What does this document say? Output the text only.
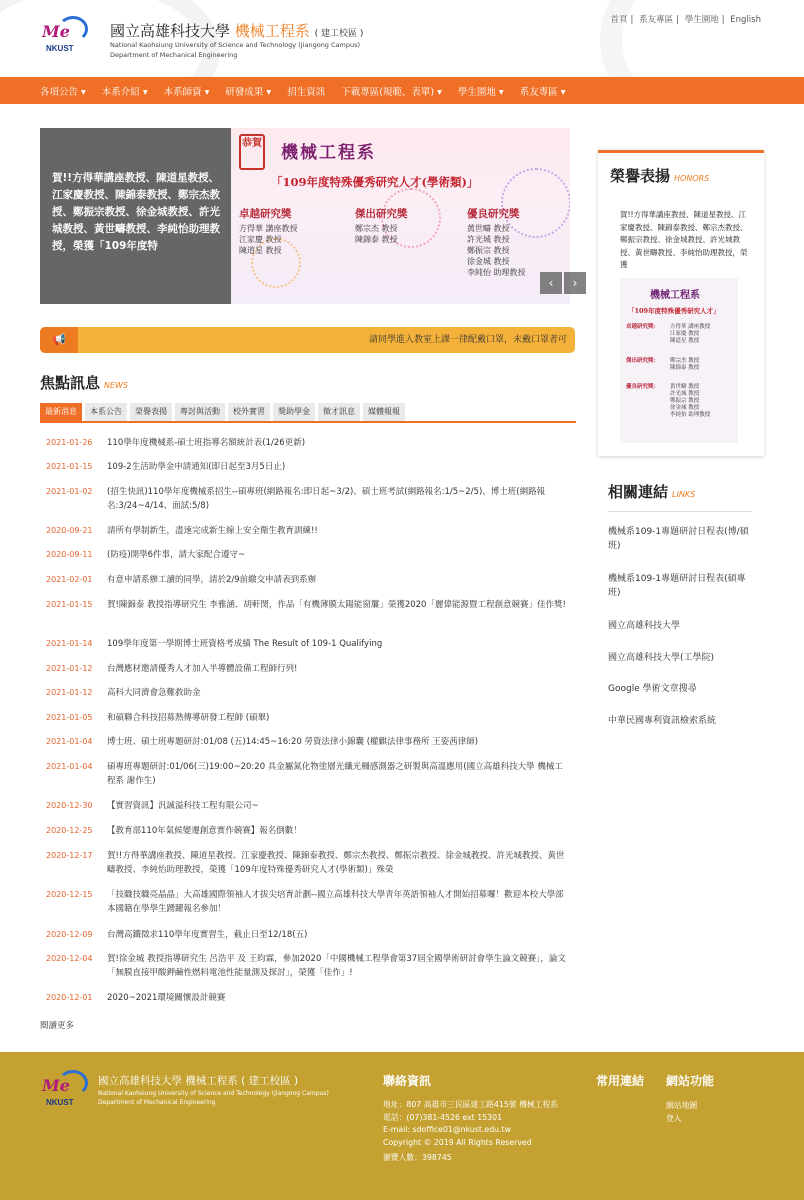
Me
NKUST
國立高雄科技大學 機械工程系 ( 建工校區 )
National Kaohsiung University of Science and Technology (Jiangong Campus)
Department of Mechanical Engineering
首頁 | 系友專區 | 學生園地 | English
各項公告 ▾ 本系介紹 ▾ 本系師資 ▾ 研發成果 ▾ 招生資訊 下載專區(規範、表單) ▾ 學生園地 ▾ 系友專區 ▾
賀!!方得華講座教授、陳道星教授、江家慶教授、陳錦泰教授、鄭宗杰教授、鄭振宗教授、徐金城教授、許光城教授、黃世疇教授、李純怡助理教授，榮獲「109年度特
恭賀 機械工程系
「109年度特殊優秀研究人才(學術類)」
卓越研究獎
方得華 講座教授
江家慶 教授
陳道星 教授
傑出研究獎
鄭宗杰 教授
陳錦泰 教授
優良研究獎
黃世疇 教授
許光城 教授
鄭振宗 教授
徐金城 教授
李純怡 助理教授
‹	›
📢	請同學進入教室上課一律配戴口罩，未戴口罩者可
焦點訊息 NEWS
最新消息	本系公告	榮譽表揚	專討與活動	校外實習	獎助學金	徵才訊息	媒體報報
2021-01-26	110學年度機械系-碩士班指導名額統計表(1/26更新)
2021-01-15	109-2生活助學金申請通知(即日起至3月5日止)
2021-01-02	(招生快訊)110學年度機械系招生--碩專班(網路報名:即日起~3/2)、碩士班考試(網路報名:1/5~2/5)、博士班(網路報名:3/24~4/14、面試:5/8)
2020-09-21	請所有學制新生，盡速完成新生線上安全衛生教育訓練!!
2020-09-11	(防疫)開學6件事，請大家配合遵守~
2021-02-01	有意申請系辦工讀的同學，請於2/9前繳交申請表到系辦
2021-01-15	賀!陳錦泰 教授指導研究生 李雅涵、胡軒閔，作品「有機薄膜太陽能窗簾」榮獲2020「麗偉能源暨工程創意競賽」佳作獎!
2021-01-14	109學年度第一學期博士班資格考成績 The Result of 109-1 Qualifying
2021-01-12	台灣應材邀請優秀人才加入半導體設備工程師行列!
2021-01-12	高科大同濟會急難救助金
2021-01-05	和碩聯合科技招募熱傳導研發工程師 (碩畢)
2021-01-04	博士班、碩士班專題研討:01/08 (五)14:45~16:20 勞資法律小錦囊 (權麒法律事務所 王姿茜律師)
2021-01-04	碩專班專題研討:01/06(三)19:00~20:20 具金屬氮化物塗層光纖光柵感測器之研製與高溫應用(國立高雄科技大學 機械工程系 謝作生)
2020-12-30	【實習資訊】汎誠溢科技工程有限公司~
2020-12-25	【教育部110年氣候變遷創意實作競賽】報名倒數！
2020-12-17	賀!!方得華講座教授、陳道星教授、江家慶教授、陳錦泰教授、鄭宗杰教授、鄭振宗教授、徐金城教授、許光城教授、黃世疇教授、李純怡助理教授，榮獲「109年度特殊優秀研究人才(學術類)」殊榮
2020-12-15	「技職技職亮晶晶」大高雄國際領袖人才拔尖培育計劃--國立高雄科技大學青年英語領袖人才開始招募囉！歡迎本校大學部本國籍在學學生踴躍報名參加！
2020-12-09	台灣高鐵徵求110學年度實習生，截止日至12/18(五)
2020-12-04	賀!徐金城 教授指導研究生 呂浩平 及 王昀霖，參加2020「中國機械工程學會第37屆全國學術研討會學生論文競賽」，論文「無膜直接甲酸鉀鹼性燃料電池性能量測及探討」，榮獲「佳作」!
2020-12-01	2020~2021環境關懷設計競賽
閱讀更多
榮譽表揚 HONORS
賀!!方得華講座教授、陳道星教授、江家慶教授、陳錦泰教授、鄭宗杰教授、鄭振宗教授、徐金城教授、許光城教授、黃世疇教授、李純怡助理教授，榮獲
機械工程系
「109年度特殊優秀研究人才」
卓越研究獎： 方得華 講座教授
江家慶 教授
陳道星 教授
傑出研究獎： 鄭宗杰 教授
陳錦泰 教授
優良研究獎： 黃世疇 教授
許光城 教授
鄭振宗 教授
徐金城 教授
李純怡 助理教授
相關連結 LINKS
機械系109-1專題研討日程表(博/碩班)
機械系109-1專題研討日程表(碩專班)
國立高雄科技大學
國立高雄科技大學(工學院)
Google 學術文章搜尋
中華民國專利資訊檢索系統
Me
NKUST
國立高雄科技大學 機械工程系 ( 建工校區 )
National Kaohsiung University of Science and Technology (Jiangong Campus)
Department of Mechanical Engineering
聯絡資訊
地址：807 高雄市三民區建工路415號 機械工程系
電話：(07)381-4526 ext 15301
E-mail: sdoffice01@nkust.edu.tw
Copyright © 2019 All Rights Reserved
瀏覽人數：398745
常用連結 網站功能
網站地圖
登入
